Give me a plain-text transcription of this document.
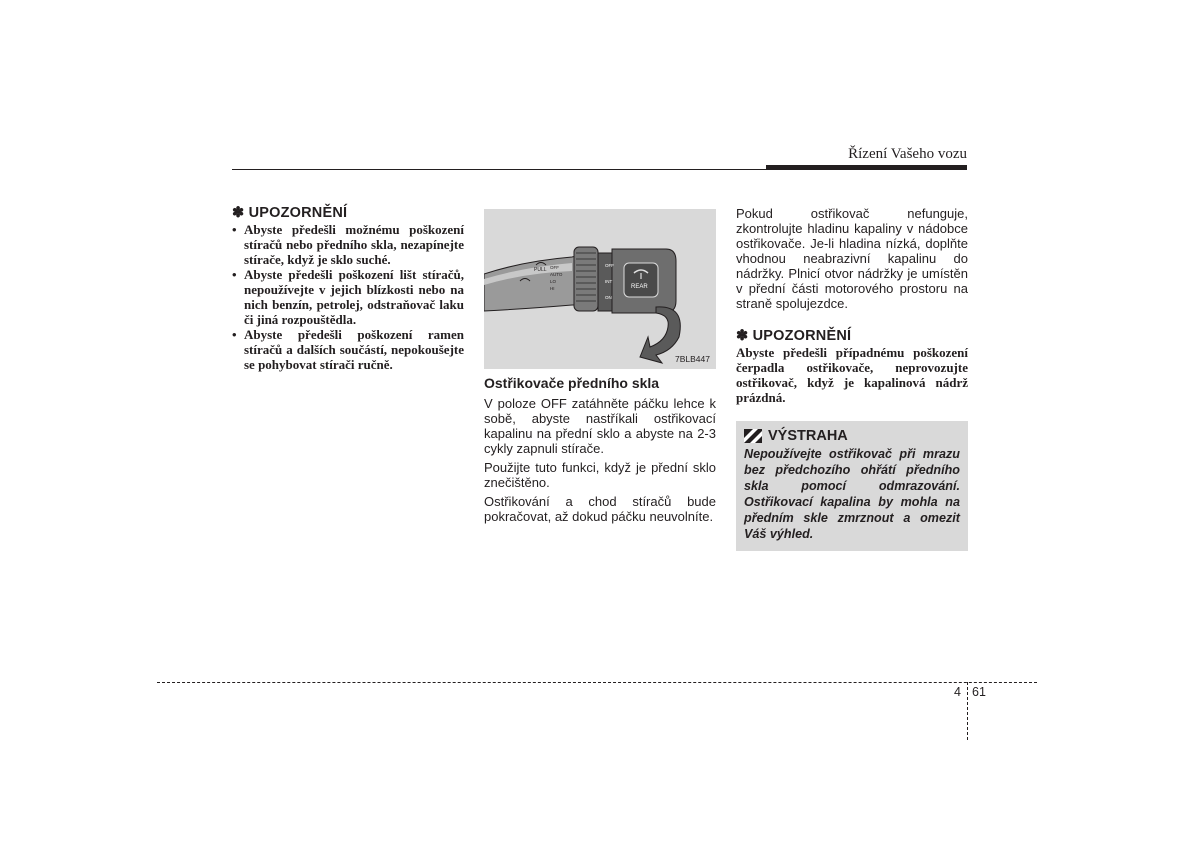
Řízení Vašeho vozu
✽ UPOZORNĚNÍ
• Abyste předešli možnému poškození stíračů nebo předního skla, nezapínejte stírače, když je sklo suché.
• Abyste předešli poškození lišt stíračů, nepoužívejte v jejich blízkosti nebo na nich benzín, petrolej, odstraňovač laku či jiná rozpouštědla.
• Abyste předešli poškození ramen stíračů a dalších součástí, nepokoušejte se pohybovat stírači ručně.
PULL OFF
AUTO
LO
HI
OFF
INT
ON
REAR
7BLB447
Ostřikovače předního skla

V poloze OFF zatáhněte páčku lehce k sobě, abyste nastříkali ostřikovací kapalinu na přední sklo a abyste na 2-3 cykly zapnuli stírače.

Použijte tuto funkci, když je přední sklo znečištěno.

Ostřikování a chod stíračů bude pokračovat, až dokud páčku neuvolníte.

Pokud ostřikovač nefunguje, zkontrolujte hladinu kapaliny v nádobce ostřikovače. Je-li hladina nízká, doplňte vhodnou neabrazivní kapalinu do nádržky. Plnicí otvor nádržky je umístěn v přední části motorového prostoru na straně spolujezdce.
✽ UPOZORNĚNÍ
Abyste předešli případnému poškození čerpadla ostřikovače, neprovozujte ostřikovač, když je kapalinová nádrž prázdná.
VÝSTRAHA
Nepoužívejte ostřikovač při mrazu bez předchozího ohřátí předního skla pomocí odmrazování. Ostřikovací kapalina by mohla na předním skle zmrznout a omezit Váš výhled.
4 61
